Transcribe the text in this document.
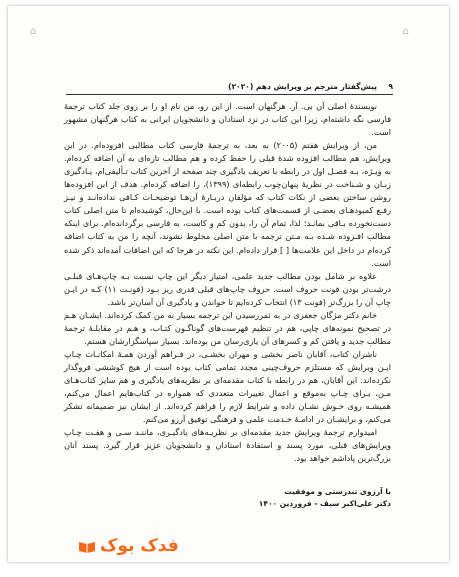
⌂	⌂
۹
پیش‌گفتار مترجم بر ویرایش دهم (۲۰۲۰)

نویسندهٔ اصلی آن بی. آر. هرگنهان است. از این رو، من نام او را بر روی جلد کتاب ترجمهٔ فارسی نگه داشته‌ام، زیرا این کتاب در نزد استادان و دانشجویان ایرانی به کتاب هرگنهان مشهور است.

من، از ویرایش هفتم (۲۰۰۵) به بعد، به ترجمهٔ فارسی کتاب مطالبی افزوده‌ام. در این ویرایش، هم مطالب افزوده شدهٔ قبلی را حفظ کرده و هم مطالب تازه‌ای به آن اضافه کرده‌ام. به ویـژه، بـه فصـل اول در رابطه با تعریف یادگیری چند صفحه از آخرین کتاب تـألیفی‌ام، یـادگیری زبـان و شـناخت در نظریهٔ پنهان‌چوب رابطه‌ای (۱۳۹۹)، را اضافه کرده‌ام. هدف از این افزوده‌ها روشن ساختن بعضی از نکات کتاب که مؤلفان دربـارهٔ آن‌هـا توضیحـات کـافی نداده‌انـد و نیـز رفـع کمبودهـای بعضـی از قسمت‌های کتاب بوده است. با این‌حال، کوشیده‌ام تا متن اصلی کتاب دست‌نخورده بـاقی بمانـد؛ لذا، تمام آن را، بدون کم و کاست، به فارسی برگردانده‌ام. برای اینکه مطالب افـزوده شـده بـه مـتن ترجمه با متن اصلی مخلوط نشوند، آنچه را من به کتاب اضافه کرده‌ام در داخل این علامت‌ها [ ] قرار داده‌ام. این نکته در هرجا که این اضافات آمده‌اند ذکر شده است.

علاوه بر شامل بودن مطالب جدید علمی، امتیاز دیگر این چاپ نسبت بـه چاپ‌هـای قبلـی درشت‌تر بودن فونت حروف است. حروف چاپ‌های قبلی قدری ریز بـود (فونـت ۱۱) کـه در ایـن چاپ آن را بزرگ‌تر (فونت ۱۳) انتخاب کرده‌ایم تا خواندن و یادگیری آن آسان‌تر باشد.

خانم دکتر مژگان جعفری در به ثمررسیدن این ترجمه بسیار به من کمک کرده‌اند. ایشـان هـم در تصحیح نمونه‌های چاپی، هم در تنظیم فهرست‌های گوناگـون کتـاب، و هـم در مقابلـهٔ ترجمهٔ مطالب جدید و یافتن کم و کسرهای آن یاری‌رسان من بوده‌اند. بسیار سپاسگزارشان هستم.

ناشران کتاب، آقایان ناصر بخشی و مهران بخشـی، در فـراهم آوردن همـهٔ امکانـات چـاپ ایـن ویرایش که مستلزم حروف‌چینی مجدد تمامی کتاب بوده است از هیچ کوششی فروگذار نکرده‌اند. این آقایان، هم در رابطه با کتاب مقدمه‌ای بر نظریه‌های یادگیری و هم سایر کتاب‌هـای مـن، بـرای چـاپ به‌موقع و اعمال تغییرات متعددی که همواره در کتاب‌هایم اعمال می‌کنم، همیشـه روی خـوش نشـان داده و شرایط لازم را فراهم کرده‌اند. از ایشان نیز صمیمانه تشکر می‌کنم، و برایشـان در ادامـهٔ خـدمت علمی و فرهنگی توفیق آرزو می‌کنم.

امیدوارم ترجمهٔ ویرایش جدید مقدمه‌ای بر نظریـه‌های یادگیـری، ماننـد سـی و هفـت چـاپ ویرایش‌های قبلی، مورد پسند و استفادهٔ استادان و دانشجویان عزیز قرار گیرد. پسند آنان بزرگ‌ترین پاداشم خواهد بود.

با آرزوی تندرستی و موفقیت
دکتر علی‌اکبر سیف - فروردین ۱۴۰۰
فدک بوک
